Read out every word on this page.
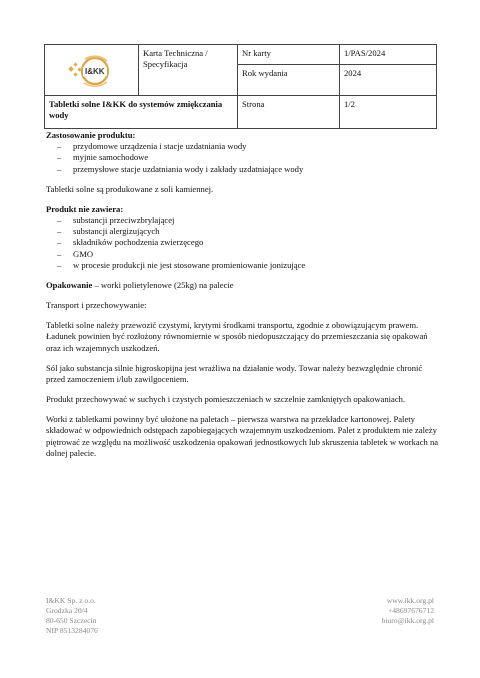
I&KK	Karta Techniczna / Specyfikacja	Nr karty	1/PAS/2024
		Rok wydania	2024
Tabletki solne I&KK do systemów zmiękczania wody		Strona	1/2

Zastosowanie produktu:

– przydomowe urządzenia i stacje uzdatniania wody
– myjnie samochodowe
– przemysłowe stacje uzdatniania wody i zakłady uzdatniające wody

Tabletki solne są produkowane z soli kamiennej.

Produkt nie zawiera:

– substancji przeciwzbrylającej
– substancji alergizujących
– składników pochodzenia zwierzęcego
– GMO
– w procesie produkcji nie jest stosowane promieniowanie jonizujące

Opakowanie – worki polietylenowe (25kg) na palecie

Transport i przechowywanie:

Tabletki solne należy przewozić czystymi, krytymi środkami transportu, zgodnie z obowiązującym prawem. Ładunek powinien być rozłożony równomiernie w sposób niedopuszczający do przemieszczania się opakowań oraz ich wzajemnych uszkodzeń.

Sól jako substancja silnie higroskopijna jest wrażliwa na działanie wody. Towar należy bezwzględnie chronić przed zamoczeniem i/lub zawilgoceniem.

Produkt przechowywać w suchych i czystych pomieszczeniach w szczelnie zamkniętych opakowaniach.

Worki z tabletkami powinny być ułożone na paletach – pierwsza warstwa na przekładce kartonowej. Palety składować w odpowiednich odstępach zapobiegających wzajemnym uszkodzeniom. Palet z produktem nie zależy piętrować ze względu na możliwość uszkodzenia opakowań jednostkowych lub skruszenia tabletek w workach na dolnej palecie.

I&KK Sp. z o.o.
Grodzka 20/4
80-650 Szczecin
NIP 8513284076
www.ikk.org.pl
+48697676712
biuro@ikk.org.pl
